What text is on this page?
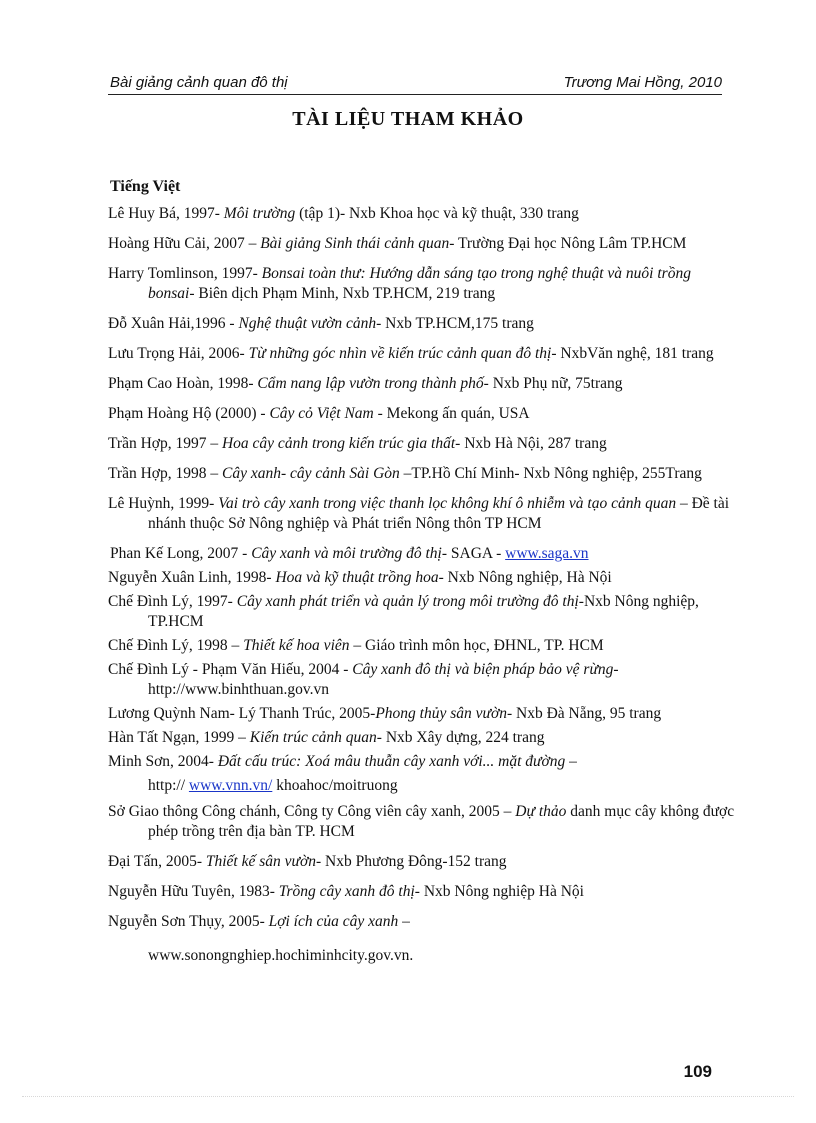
Bài giảng cảnh quan đô thị	Trương Mai Hồng, 2010
TÀI LIỆU THAM KHẢO
Tiếng Việt

Lê Huy Bá, 1997- Môi trường (tập 1)- Nxb Khoa học và kỹ thuật, 330 trang

Hoàng Hữu Cải, 2007 – Bài giảng Sinh thái cảnh quan- Trường Đại học Nông Lâm TP.HCM

Harry Tomlinson, 1997- Bonsai toàn thư: Hướng dẫn sáng tạo trong nghệ thuật và nuôi trồng bonsai- Biên dịch Phạm Minh, Nxb TP.HCM, 219 trang

Đỗ Xuân Hải,1996 - Nghệ thuật vườn cảnh- Nxb TP.HCM,175 trang

Lưu Trọng Hải, 2006- Từ những góc nhìn về kiến trúc cảnh quan đô thị- NxbVăn nghệ, 181 trang

Phạm Cao Hoàn, 1998- Cẩm nang lập vườn trong thành phố- Nxb Phụ nữ, 75trang

Phạm Hoàng Hộ (2000) - Cây cỏ Việt Nam - Mekong ấn quán, USA

Trần Hợp, 1997 – Hoa cây cảnh trong kiến trúc gia thất- Nxb Hà Nội, 287 trang

Trần Hợp, 1998 – Cây xanh- cây cảnh Sài Gòn –TP.Hồ Chí Minh- Nxb Nông nghiệp, 255Trang

Lê Huỳnh, 1999- Vai trò cây xanh trong việc thanh lọc không khí ô nhiễm và tạo cảnh quan – Đề tài nhánh thuộc Sở Nông nghiệp và Phát triển Nông thôn TP HCM

Phan Kế Long, 2007 - Cây xanh và môi trường đô thị- SAGA - www.saga.vn

Nguyễn Xuân Linh, 1998- Hoa và kỹ thuật trồng hoa- Nxb Nông nghiệp, Hà Nội

Chế Đình Lý, 1997- Cây xanh phát triển và quản lý trong môi trường đô thị-Nxb Nông nghiệp, TP.HCM

Chế Đình Lý, 1998 – Thiết kế hoa viên – Giáo trình môn học, ĐHNL, TP. HCM

Chế Đình Lý - Phạm Văn Hiếu, 2004 - Cây xanh đô thị và biện pháp bảo vệ rừng- http://www.binhthuan.gov.vn

Lương Quỳnh Nam- Lý Thanh Trúc, 2005-Phong thủy sân vườn- Nxb Đà Nẵng, 95 trang

Hàn Tất Ngạn, 1999 – Kiến trúc cảnh quan- Nxb Xây dựng, 224 trang

Minh Sơn, 2004- Đất cấu trúc: Xoá mâu thuẫn cây xanh với... mặt đường –

http:// www.vnn.vn/ khoahoc/moitruong

Sở Giao thông Công chánh, Công ty Công viên cây xanh, 2005 – Dự thảo danh mục cây không được phép trồng trên địa bàn TP. HCM

Đại Tấn, 2005- Thiết kế sân vườn- Nxb Phương Đông-152 trang

Nguyễn Hữu Tuyên, 1983- Trồng cây xanh đô thị- Nxb Nông nghiệp Hà Nội

Nguyễn Sơn Thụy, 2005- Lợi ích của cây xanh –

www.sonongnghiep.hochiminhcity.gov.vn.

109
